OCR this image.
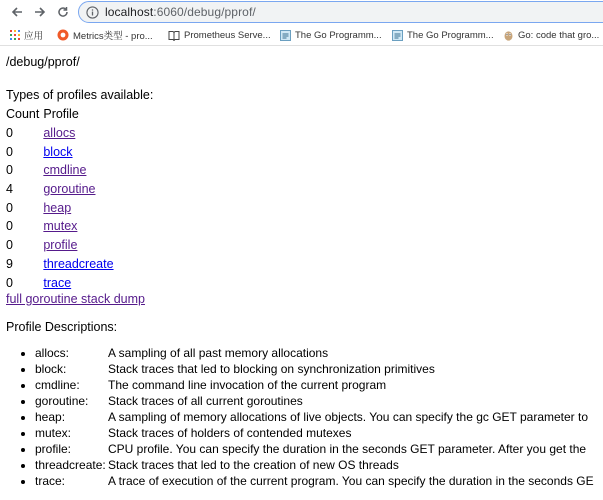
localhost:6060/debug/pprof/
应用	Metrics类型 - pro...	Prometheus Serve...	The Go Programm...	The Go Programm...	Go: code that gro...
/debug/pprof/
Types of profiles available:
Count	Profile
0	allocs
0	block
0	cmdline
4	goroutine
0	heap
0	mutex
0	profile
9	threadcreate
0	trace
full goroutine stack dump
Profile Descriptions:
• allocs:	A sampling of all past memory allocations
• block:	Stack traces that led to blocking on synchronization primitives
• cmdline: The command line invocation of the current program
• goroutine: Stack traces of all current goroutines
• heap:	A sampling of memory allocations of live objects. You can specify the gc GET parameter to
• mutex:	Stack traces of holders of contended mutexes
• profile:	CPU profile. You can specify the duration in the seconds GET parameter. After you get the
• threadcreate: Stack traces that led to the creation of new OS threads
• trace:	A trace of execution of the current program. You can specify the duration in the seconds GE
